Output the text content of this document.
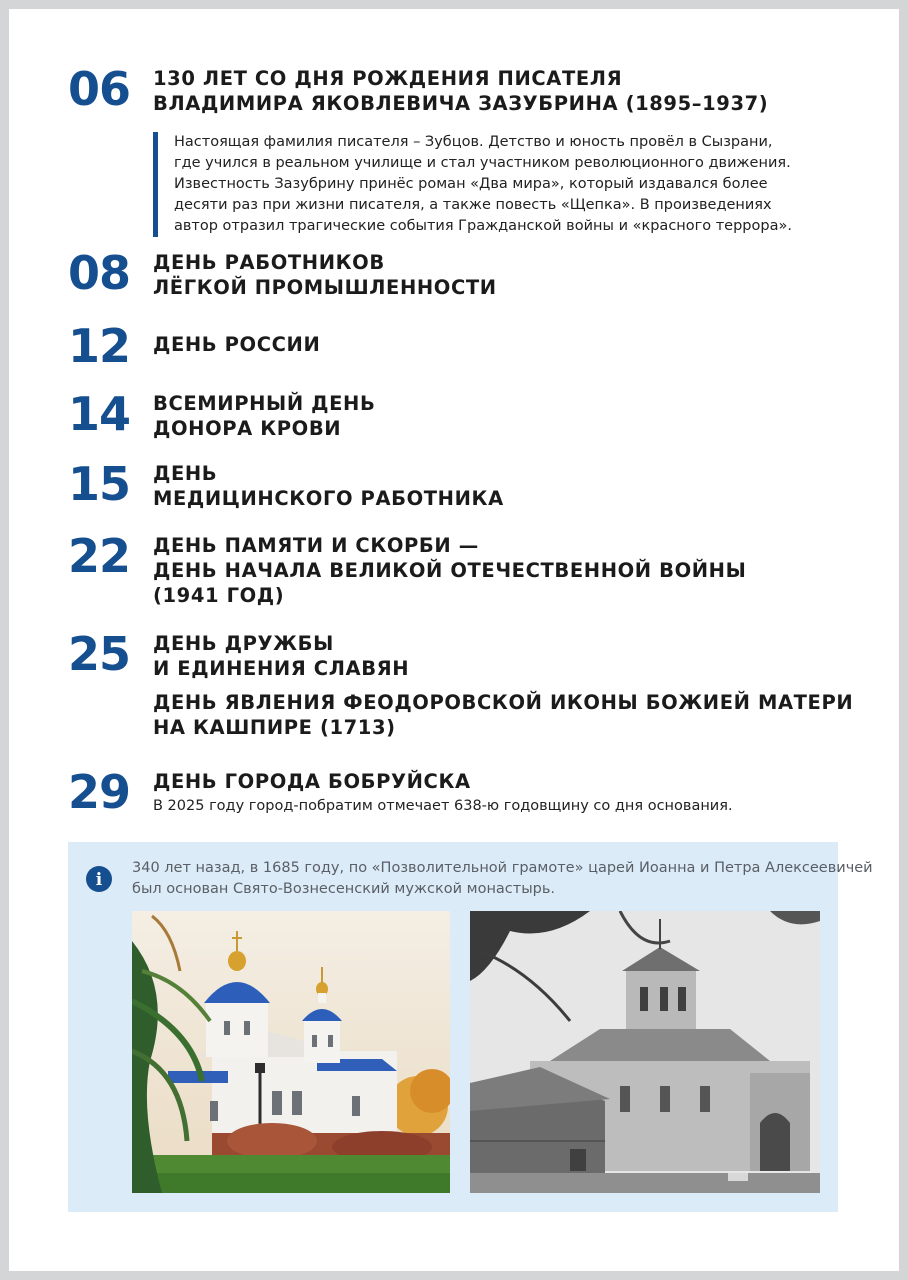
06 130 ЛЕТ СО ДНЯ РОЖДЕНИЯ ПИСАТЕЛЯ
ВЛАДИМИРА ЯКОВЛЕВИЧА ЗАЗУБРИНА (1895–1937)

Настоящая фамилия писателя – Зубцов. Детство и юность провёл в Сызрани,
где учился в реальном училище и стал участником революционного движения.
Известность Зазубрину принёс роман «Два мира», который издавался более
десяти раз при жизни писателя, а также повесть «Щепка». В произведениях
автор отразил трагические события Гражданской войны и «красного террора».

08 ДЕНЬ РАБОТНИКОВ
ЛЁГКОЙ ПРОМЫШЛЕННОСТИ
12 ДЕНЬ РОССИИ
14 ВСЕМИРНЫЙ ДЕНЬ
ДОНОРА КРОВИ
15 ДЕНЬ
МЕДИЦИНСКОГО РАБОТНИКА
22 ДЕНЬ ПАМЯТИ И СКОРБИ —
ДЕНЬ НАЧАЛА ВЕЛИКОЙ ОТЕЧЕСТВЕННОЙ ВОЙНЫ
(1941 ГОД)
25 ДЕНЬ ДРУЖБЫ
И ЕДИНЕНИЯ СЛАВЯН
ДЕНЬ ЯВЛЕНИЯ ФЕОДОРОВСКОЙ ИКОНЫ БОЖИЕЙ МАТЕРИ
НА КАШПИРЕ (1713)
29 ДЕНЬ ГОРОДА БОБРУЙСКА
В 2025 году город-побратим отмечает 638-ю годовщину со дня основания.
i
340 лет назад, в 1685 году, по «Позволительной грамоте» царей Иоанна и Петра Алексеевичей
был основан Свято-Вознесенский мужской монастырь.
